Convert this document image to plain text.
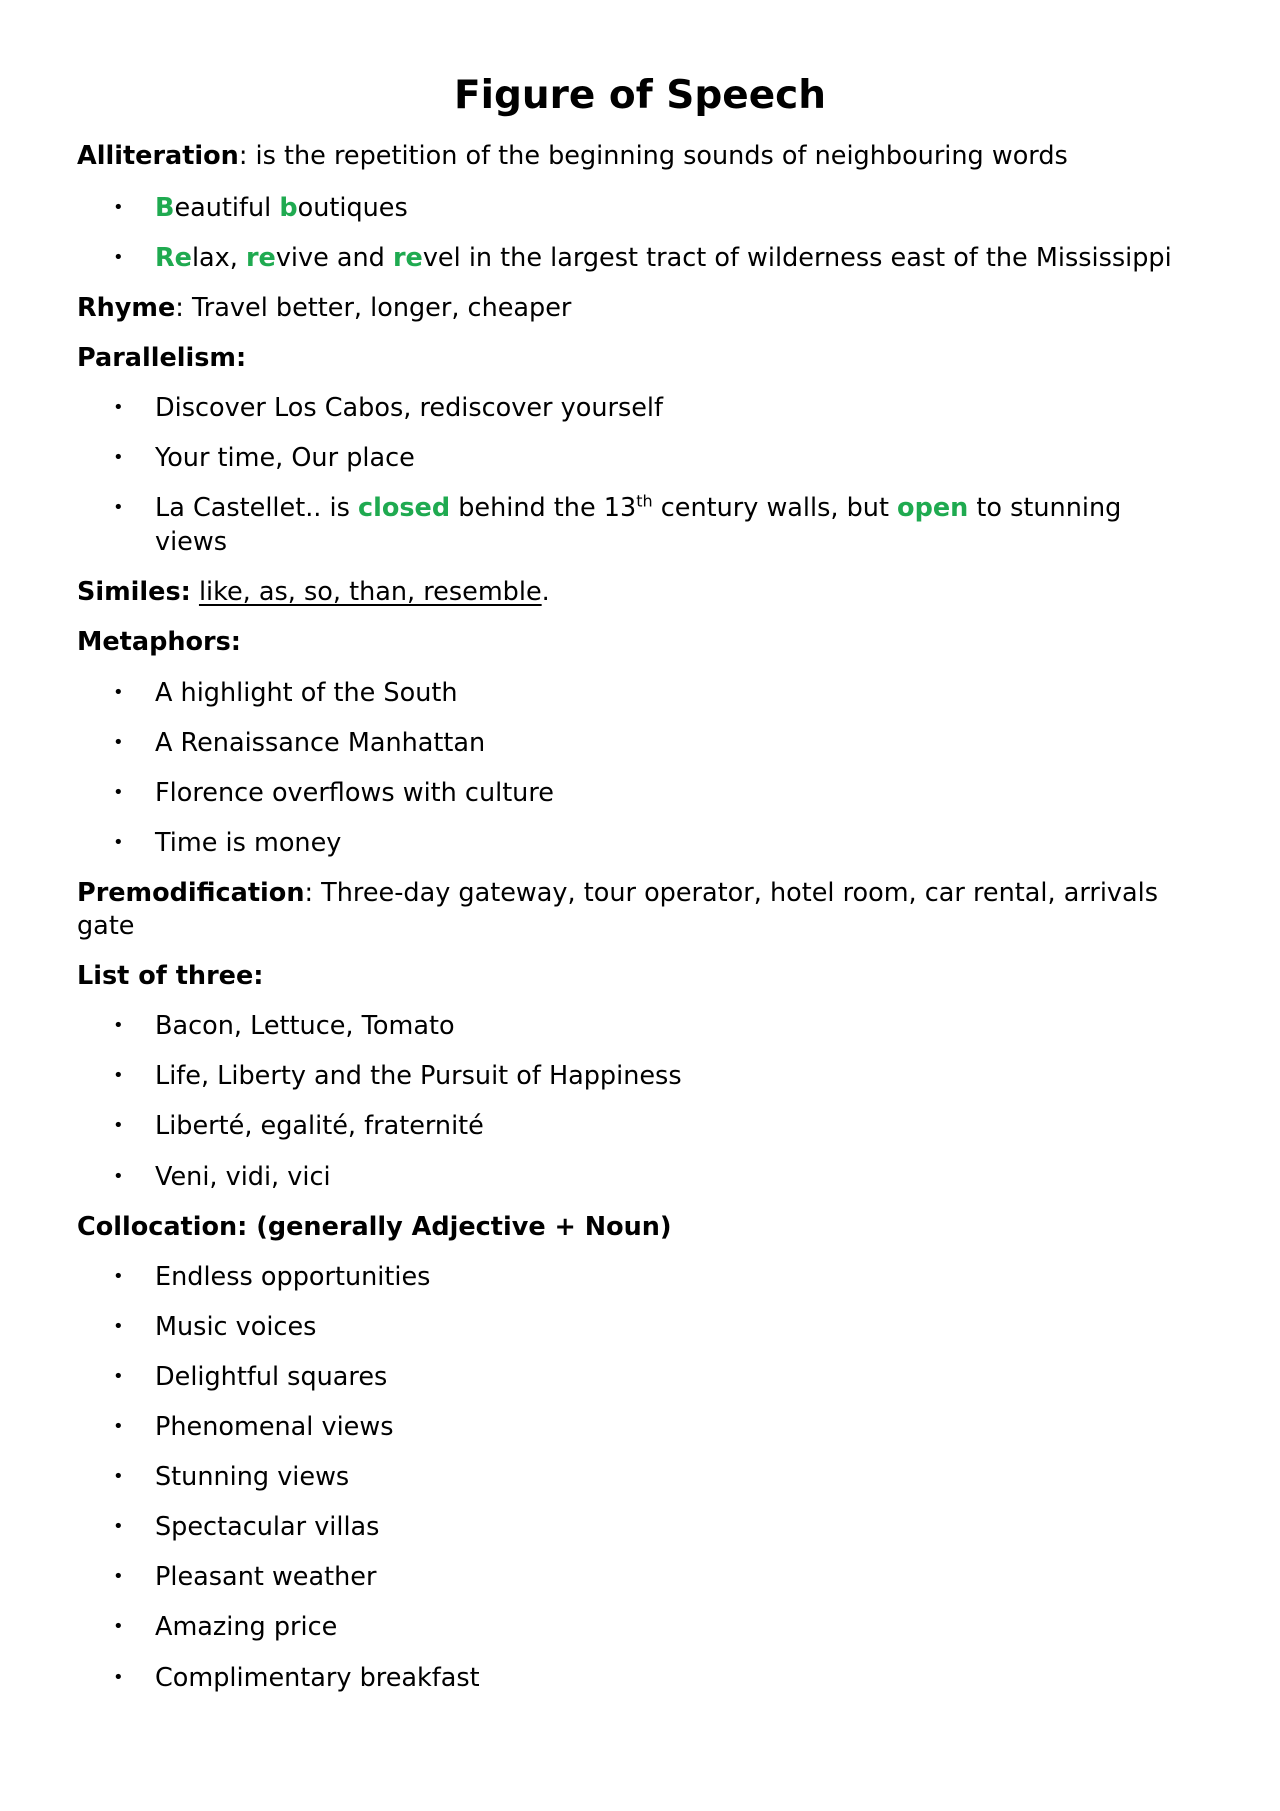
Figure of Speech
Alliteration: is the repetition of the beginning sounds of neighbouring words
• Beautiful boutiques
• Relax, revive and revel in the largest tract of wilderness east of the Mississippi
Rhyme: Travel better, longer, cheaper
Parallelism:
• Discover Los Cabos, rediscover yourself
• Your time, Our place
• La Castellet.. is closed behind the 13th century walls, but open to stunning
views
Similes: like, as, so, than, resemble.
Metaphors:
• A highlight of the South
• A Renaissance Manhattan
• Florence overflows with culture
• Time is money
Premodification: Three-day gateway, tour operator, hotel room, car rental, arrivals
gate
List of three:
• Bacon, Lettuce, Tomato
• Life, Liberty and the Pursuit of Happiness
• Liberté, egalité, fraternité
• Veni, vidi, vici
Collocation: (generally Adjective + Noun)
• Endless opportunities
• Music voices
• Delightful squares
• Phenomenal views
• Stunning views
• Spectacular villas
• Pleasant weather
• Amazing price
• Complimentary breakfast
